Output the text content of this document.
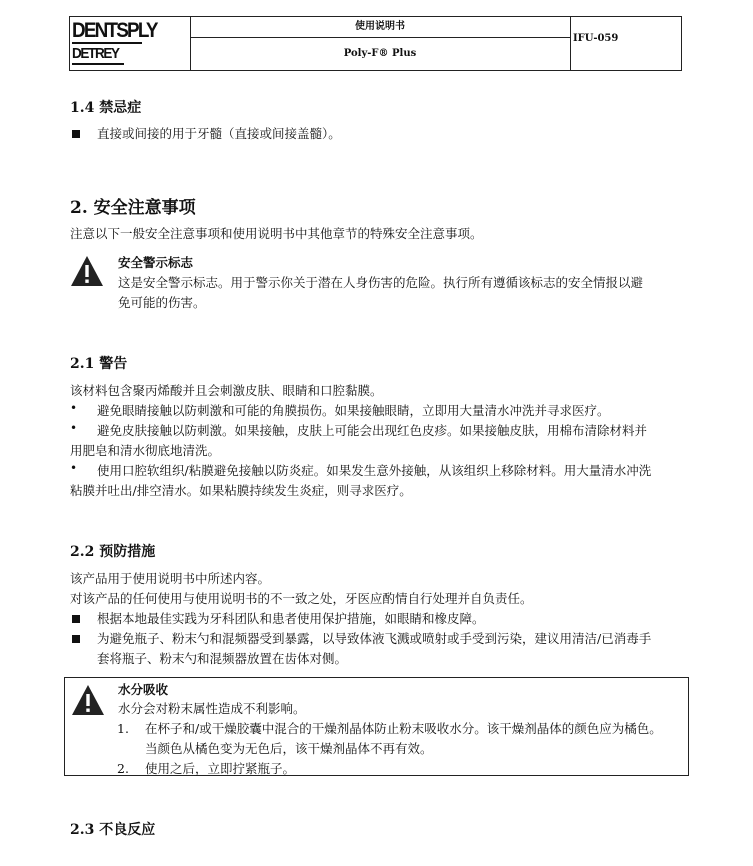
DENTSPLY
DETREY
使用说明书
Poly-F® Plus
IFU-059
1.4 禁忌症
直接或间接的用于牙髓（直接或间接盖髓）。
2. 安全注意事项
注意以下一般安全注意事项和使用说明书中其他章节的特殊安全注意事项。
安全警示标志
这是安全警示标志。用于警示你关于潜在人身伤害的危险。执行所有遵循该标志的安全情报以避
免可能的伤害。
2.1 警告
该材料包含聚丙烯酸并且会刺激皮肤、眼睛和口腔黏膜。
• 避免眼睛接触以防刺激和可能的角膜损伤。如果接触眼睛，立即用大量清水冲洗并寻求医疗。
• 避免皮肤接触以防刺激。如果接触，皮肤上可能会出现红色皮疹。如果接触皮肤，用棉布清除材料并
用肥皂和清水彻底地清洗。
• 使用口腔软组织/粘膜避免接触以防炎症。如果发生意外接触，从该组织上移除材料。用大量清水冲洗
粘膜并吐出/排空清水。如果粘膜持续发生炎症，则寻求医疗。
2.2 预防措施
该产品用于使用说明书中所述内容。
对该产品的任何使用与使用说明书的不一致之处，牙医应酌情自行处理并自负责任。
根据本地最佳实践为牙科团队和患者使用保护措施，如眼睛和橡皮障。
为避免瓶子、粉末勺和混频器受到暴露，以导致体液飞溅或喷射或手受到污染，建议用清洁/已消毒手
套将瓶子、粉末勺和混频器放置在齿体对侧。
水分吸收
水分会对粉末属性造成不利影响。
1. 在杯子和/或干燥胶囊中混合的干燥剂晶体防止粉末吸收水分。该干燥剂晶体的颜色应为橘色。
当颜色从橘色变为无色后，该干燥剂晶体不再有效。
2. 使用之后，立即拧紧瓶子。
2.3 不良反应
